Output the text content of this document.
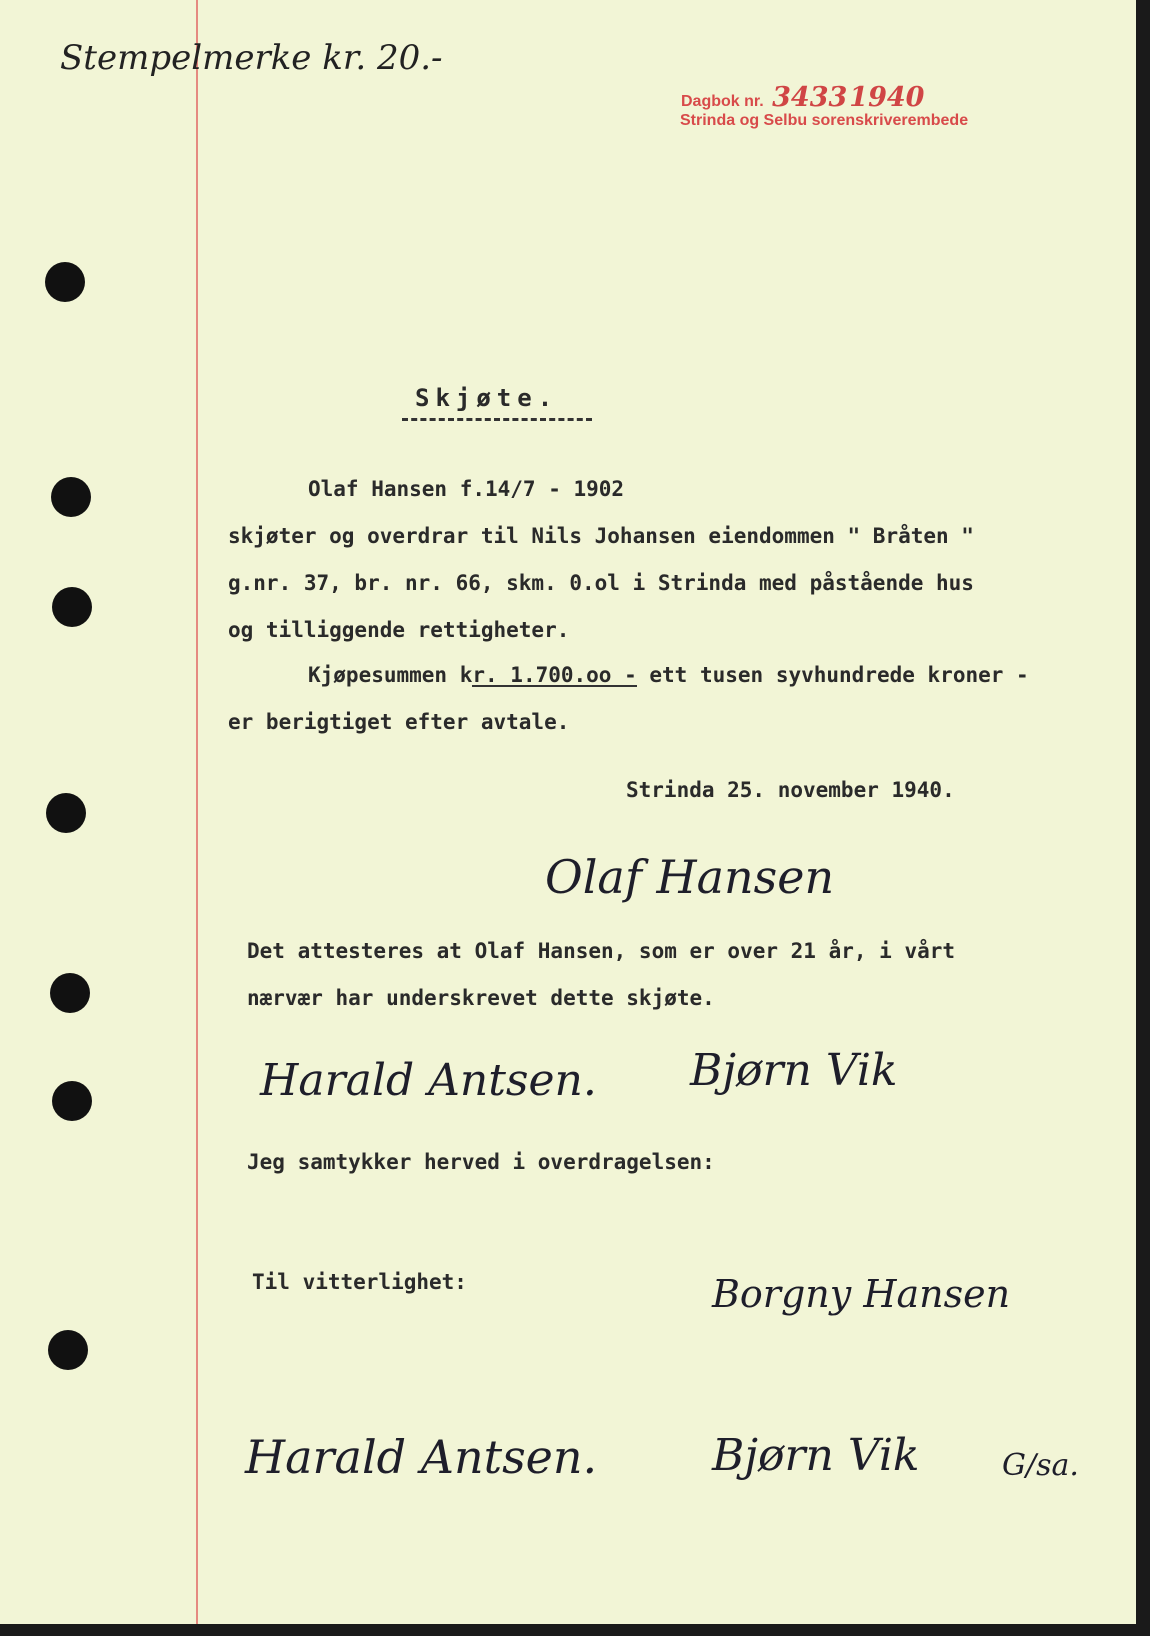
Stempelmerke kr. 20.-
Dagbok nr. 34331940
Strinda og Selbu sorenskriverembede
Skjøte.
Olaf Hansen f.14/7 - 1902
skjøter og overdrar til Nils Johansen eiendommen " Bråten "
g.nr. 37, br. nr. 66, skm. 0.ol i Strinda med påstående hus
og tilliggende rettigheter.
Kjøpesummen kr. 1.700.oo - ett tusen syvhundrede kroner -
er berigtiget efter avtale.
Strinda 25. november 1940.
Olaf Hansen
Det attesteres at Olaf Hansen, som er over 21 år, i vårt
nærvær har underskrevet dette skjøte.
Harald Antsen. Bjørn Vik
Jeg samtykker herved i overdragelsen:
Til vitterlighet:	Borgny Hansen
Harald Antsen.	Bjørn Vik	G/sa.
